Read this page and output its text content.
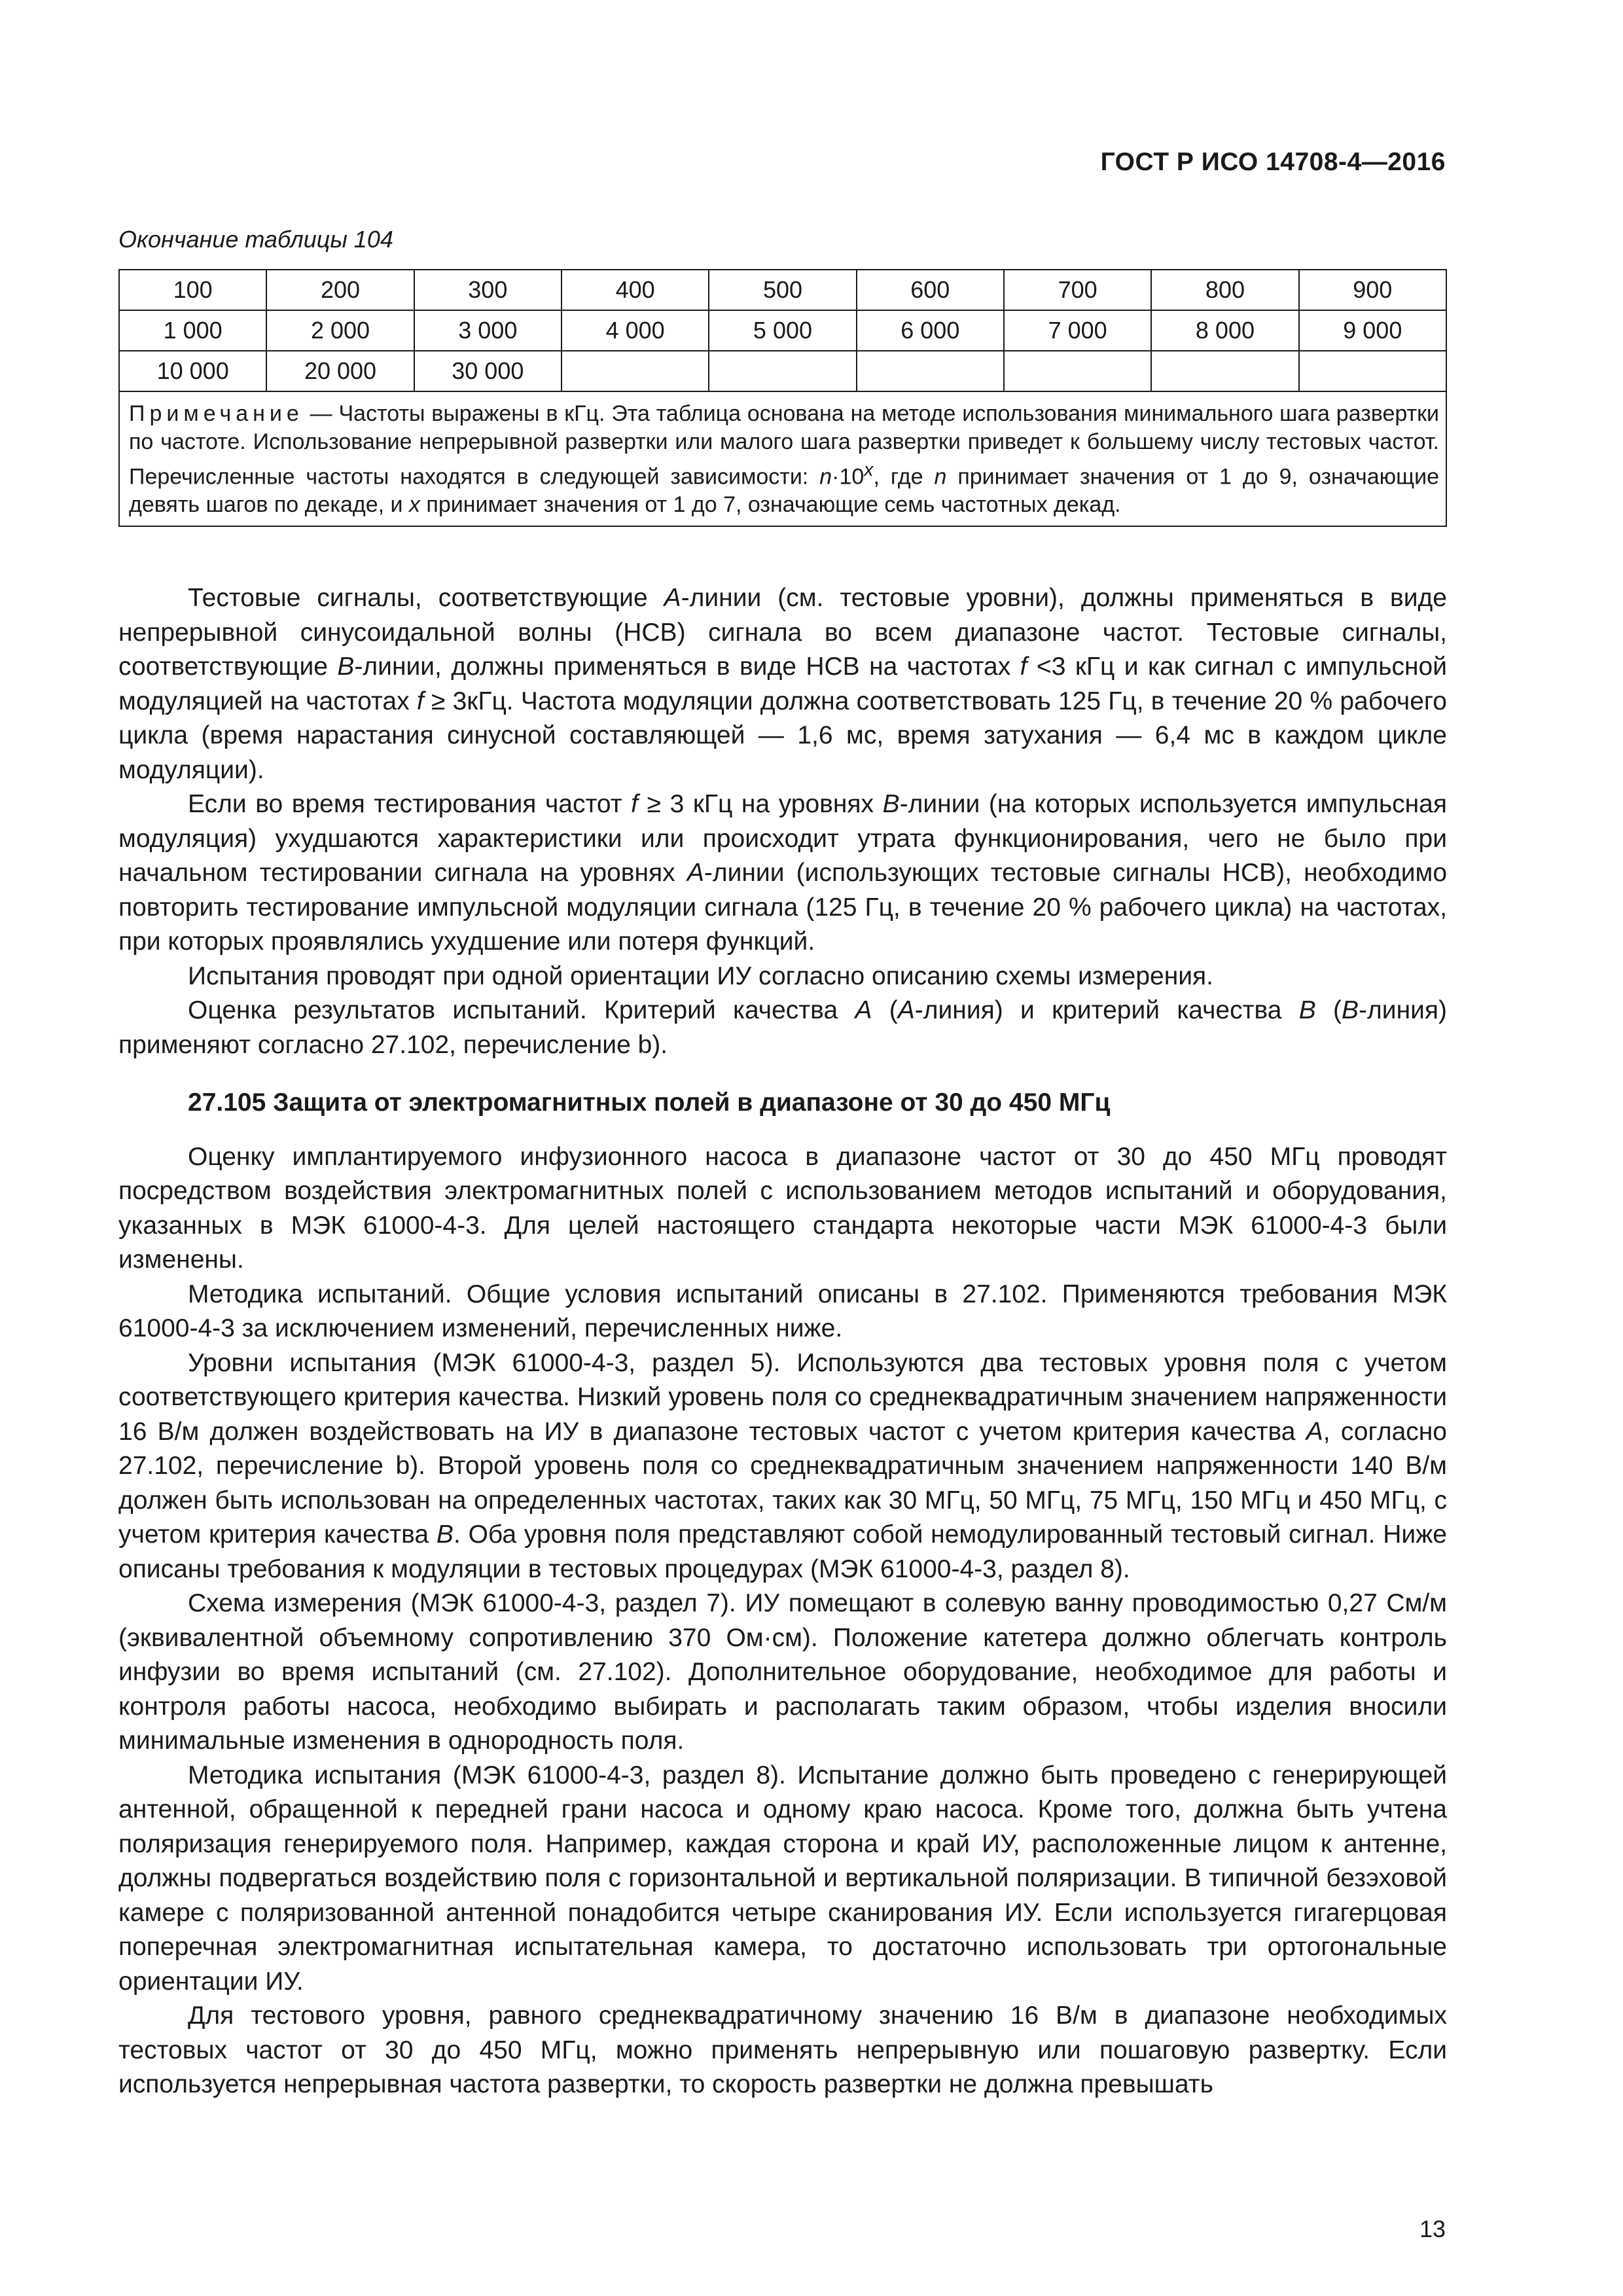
ГОСТ Р ИСО 14708-4—2016
Окончание таблицы 104
100	200	300	400	500	600	700	800	900
1 000	2 000	3 000	4 000	5 000	6 000	7 000	8 000	9 000
10 000	20 000	30 000						
Примечание — Частоты выражены в кГц. Эта таблица основана на методе использования минимального шага развертки по частоте. Использование непрерывной развертки или малого шага развертки приведет к большему числу тестовых частот. Перечисленные частоты находятся в следующей зависимости: $n\cdot 10^x$, где n принимает значения от 1 до 9, означающие девять шагов по декаде, и x принимает значения от 1 до 7, означающие семь частотных декад.								

Тестовые сигналы, соответствующие А-линии (см. тестовые уровни), должны применяться в виде непрерывной синусоидальной волны (НСВ) сигнала во всем диапазоне частот. Тестовые сигналы, соответствующие В-линии, должны применяться в виде НСВ на частотах f <3 кГц и как сигнал с импульсной модуляцией на частотах f ≥ 3кГц. Частота модуляции должна соответствовать 125 Гц, в течение 20 % рабочего цикла (время нарастания синусной составляющей — 1,6 мс, время затухания — 6,4 мс в каждом цикле модуляции).

Если во время тестирования частот f ≥ 3 кГц на уровнях В-линии (на которых используется импульсная модуляция) ухудшаются характеристики или происходит утрата функционирования, чего не было при начальном тестировании сигнала на уровнях А-линии (использующих тестовые сигналы НСВ), необходимо повторить тестирование импульсной модуляции сигнала (125 Гц, в течение 20 % рабочего цикла) на частотах, при которых проявлялись ухудшение или потеря функций.

Испытания проводят при одной ориентации ИУ согласно описанию схемы измерения.

Оценка результатов испытаний. Критерий качества А (А-линия) и критерий качества В (В-линия) применяют согласно 27.102, перечисление b).

27.105 Защита от электромагнитных полей в диапазоне от 30 до 450 МГц

Оценку имплантируемого инфузионного насоса в диапазоне частот от 30 до 450 МГц проводят посредством воздействия электромагнитных полей с использованием методов испытаний и оборудования, указанных в МЭК 61000-4-3. Для целей настоящего стандарта некоторые части МЭК 61000-4-3 были изменены.

Методика испытаний. Общие условия испытаний описаны в 27.102. Применяются требования МЭК 61000-4-3 за исключением изменений, перечисленных ниже.

Уровни испытания (МЭК 61000-4-3, раздел 5). Используются два тестовых уровня поля с учетом соответствующего критерия качества. Низкий уровень поля со среднеквадратичным значением напряженности 16 В/м должен воздействовать на ИУ в диапазоне тестовых частот с учетом критерия качества А, согласно 27.102, перечисление b). Второй уровень поля со среднеквадратичным значением напряженности 140 В/м должен быть использован на определенных частотах, таких как 30 МГц, 50 МГц, 75 МГц, 150 МГц и 450 МГц, с учетом критерия качества В. Оба уровня поля представляют собой немодулированный тестовый сигнал. Ниже описаны требования к модуляции в тестовых процедурах (МЭК 61000-4-3, раздел 8).

Схема измерения (МЭК 61000-4-3, раздел 7). ИУ помещают в солевую ванну проводимостью 0,27 См/м (эквивалентной объемному сопротивлению 370 Ом·см). Положение катетера должно облегчать контроль инфузии во время испытаний (см. 27.102). Дополнительное оборудование, необходимое для работы и контроля работы насоса, необходимо выбирать и располагать таким образом, чтобы изделия вносили минимальные изменения в однородность поля.

Методика испытания (МЭК 61000-4-3, раздел 8). Испытание должно быть проведено с генерирующей антенной, обращенной к передней грани насоса и одному краю насоса. Кроме того, должна быть учтена поляризация генерируемого поля. Например, каждая сторона и край ИУ, расположенные лицом к антенне, должны подвергаться воздействию поля с горизонтальной и вертикальной поляризации. В типичной безэховой камере с поляризованной антенной понадобится четыре сканирования ИУ. Если используется гигагерцовая поперечная электромагнитная испытательная камера, то достаточно использовать три ортогональные ориентации ИУ.

Для тестового уровня, равного среднеквадратичному значению 16 В/м в диапазоне необходимых тестовых частот от 30 до 450 МГц, можно применять непрерывную или пошаговую развертку. Если используется непрерывная частота развертки, то скорость развертки не должна превышать

13
